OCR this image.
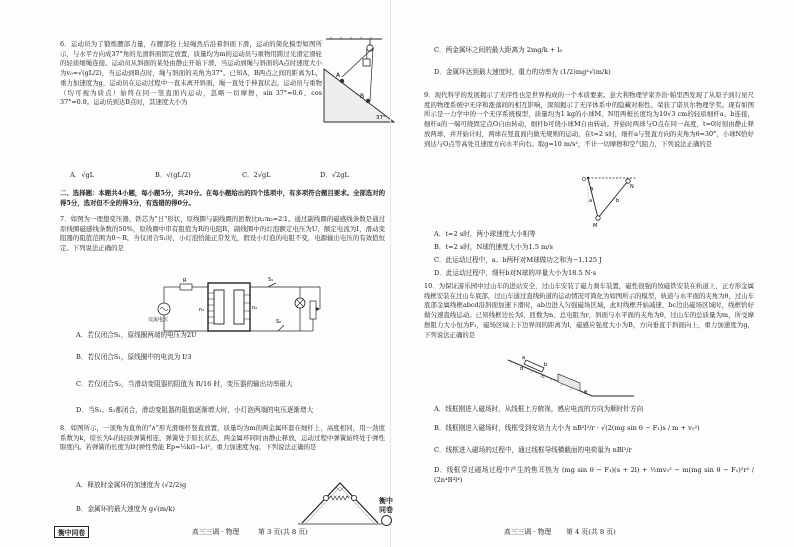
6．运动员为了锻炼腰部力量，在腰部拴上轻绳然后沿着斜面下滑，运动的简化模型如图所示，与水平方向成37°角的光滑斜面固定放置，质量均为m的运动员与重物用跨过光滑定滑轮的轻质细绳连接。运动员从斜面的某处由静止开始下滑，当运动到绳与斜面的A点时速度大小为v₀=√(gL/2)，当运动到B点时，绳与斜面的夹角为37°。已知A、B两点之间的距离为L，重力加速度为g，运动员在运动过程中一直未离开斜面，绳一直处于伸直状态，运动员与重物（均可视为质点）始终在同一竖直面内运动，忽略一切摩擦，sin 37°=0.6、cos 37°=0.8。运动员到达B点时，其速度大小为

A
B
37°
A．√gL	B．√(gL/2)	C．2√gL	D．√2gL

二、选择题：本题共4小题，每小题5分，共20分。在每小题给出的四个选项中，有多项符合题目要求。全部选对的得5分，选对但不全的得3分，有选错的得0分。

7．如图为一理想变压器，铁芯为"日"形状，原线圈与副线圈的匝数比n₁∶n₂=2∶1。通过副线圈的磁感线条数是通过原线圈磁感线条数的50%，原线圈中串有阻值为R的电阻R，副线圈中的灯泡额定电压为U，额定电流为I，滑动变阻器的阻值范围为0～R，当仅闭合S₁时，小灯泡恰能正常发光，假设小灯泡的电阻不变，电源输出电压的有效值恒定。下列说法正确的是

交流电压
R
n₁	n₂
S₁
S₂
A．若仅闭合S₁，原线圈两端的电压为2U
B．若仅闭合S₁，原线圈中的电流为 I/3
C．若仅闭合S₂，当滑动变阻器的阻值为 R/16 时，变压器的输出功率最大
D．当S₁、S₂都闭合，滑动变阻器的阻值逐渐增大时，小灯泡两端的电压逐渐增大

8．如图所示，一顶角为直角的"∧"形光滑细杆竖直放置，质量均为m的两金属环套在细杆上，高度相同，用一劲度系数为k，原长为l₀的轻质弹簧相连，弹簧处于原长状态，两金属环同时由静止释放，运动过程中弹簧始终处于弹性限度内。若弹簧的长度为l时弹性势能 Ep=½k(l−l₀)²，重力加速度为g，下列说法正确的是

A．释放时金属环的加速度为 (√2/2)g
B．金属环的最大速度为 g√(m/k)
衡中同卷	高三三调 · 物理	第 3 页(共 8 页)
衡中同卷
C．两金属环之间的最大距离为 2mg/k + l₀
D．金属环达到最大速度时，重力的功率为 (1/2)mg²√(m/k)

9．现代科学的发展揭示了无序性也是世界构成的一个本质要素。意大利物理学家乔治·帕里西发现了从原子到行星尺度的物理系统中无序和涨落间的相互影响，深刻揭示了无序体系中的隐藏对称性。荣获了诺贝尔物理学奖。现有如图所示是一力学中的一个无序系统模型，质量均为1 kg的小球M、N用两根长度均为10√3 cm的轻质细杆a、b连接，细杆a的一端可绕固定点O自由转动，细杆b可绕小球M自由转动。开始时两球与O点在同一高度，t=0时刻由静止释放两球，并开始计时，两球在竖直面内做无规则的运动，在t=2 s时，细杆a与竖直方向的夹角为θ=30°，小球N恰好到达与O点等高处且速度方向水平向右。取g=10 m/s²，不计一切摩擦和空气阻力，下列说法正确的是

O
a	b
θ
M
N
A．t=2 s时，两小球速度大小相等
B．t=2 s时，N球的速度大小为1.5 m/s
C．此运动过程中，a、b两杆对M球做功之和为−1.125 J
D．此运动过程中，细杆b对N球的冲量大小为18.5 N·s

10．为保证游乐园中过山车的进站安全，过山车安装了磁力刹车装置，磁性很强的钕磁铁安装在轨道上，正方形金属线框安装在过山车底部，过山车通过直线轨道的运动情况可简化为如图所示的模型，轨道与水平面的夹角为θ，过山车底部金属线框abcd沿斜面加速下滑时，ab边进入匀强磁场区域，此时线框开始减速，bc边出磁场区域时，线框恰好做匀速直线运动。已知线框边长为l、匝数为n、总电阻为r，斜面与水平面的夹角为θ，过山车的总质量为m，所受摩擦阻力大小恒为F₁，磁场区域上下边界间的距离为l，磁感应强度大小为B，方向垂直于斜面向上，重力加速度为g，下列说法正确的是

a
b
c
d
θ
A．线框刚进入磁场时，从线框上方俯视，感应电流的方向为顺时针方向
B．线框刚进入磁场时，线框受到安培力大小为 nB²l²/r · √(2(mg sin θ − F₁)s / m + v₀²)
C．线框进入磁场的过程中，通过线框导线横截面的电荷量为 nBl²/r

D．线框穿过磁场过程中产生的焦耳热为 (mg sin θ − F₁)(s + 2l) + ½mv₀² − m(mg sin θ − F₁)²r² / (2n⁴B⁴l⁴)

高三三调 · 物理 第 4 页(共 8 页)
